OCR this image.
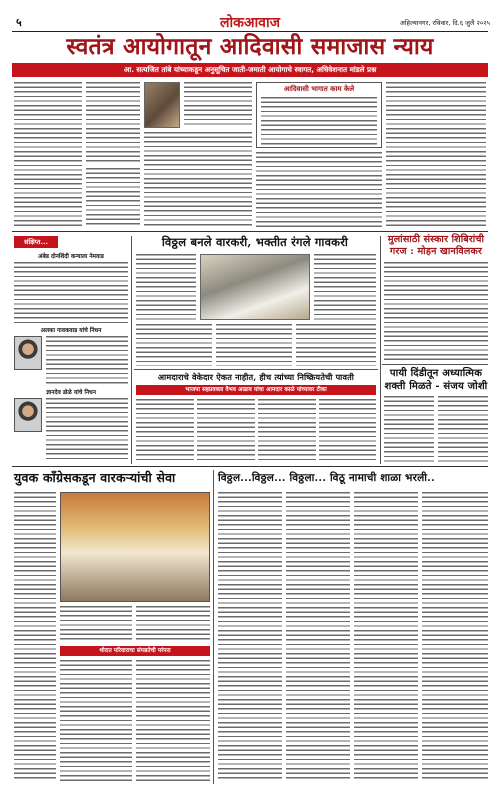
५	लोकआवाज	अहिल्यानगर, रविवार, दि.६ जुलै २०२५
स्वतंत्र आयोगातून आदिवासी समाजास न्याय
आ. सत्यजित तांबे यांच्याकडून अनुसूचित जाती-जमाती आयोगाचे स्वागत, अधिवेशनात मांडले प्रश्न
आदिवासी भागात काम केले
संक्षिप्त...
अंबेड दोनशिंदी कन्याला नेमवाड
अलका गावकवाड यांचे निधन
ज्ञानदेव डोळे यांचे निधन
विठ्ठल बनले वारकरी, भक्तीत रंगले गावकरी
आमदाराचे वेकेदार ऐकत नाहीत, हीच त्यांच्या निष्क्रियतेची पावती
भाजपा सहप्रवक्ता वैभव आढाव यांचा आमदार काळे यांच्यावर टीका
मुलांसाठी संस्कार शिबिरांची गरज : मोहन खानविलकर
पायी दिंडीतून अध्यात्मिक शक्ती मिळते - संजय जोशी
युवक कॉंग्रेसकडून वारकऱ्यांची सेवा
थोरात परिवाराचा संपन्नतेची परंपरा
विठ्ठल...विठ्ठल... विठ्ठला... विठू नामाची शाळा भरली..
